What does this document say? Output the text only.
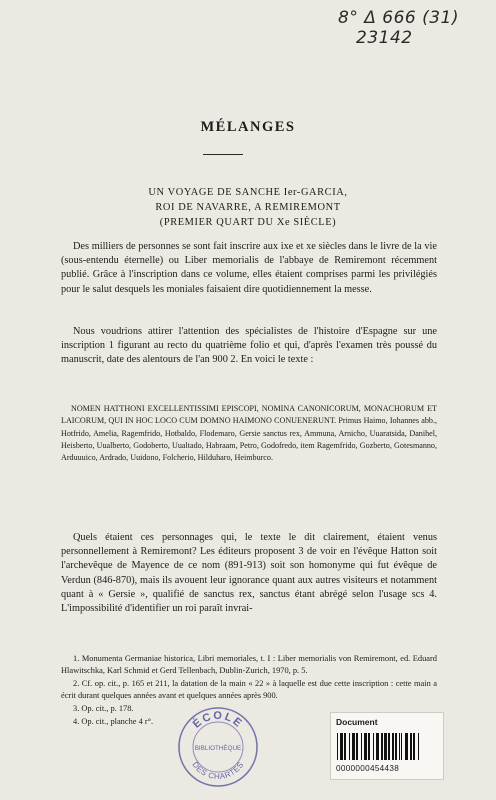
8° Δ 666 (31)
23142
MÉLANGES
UN VOYAGE DE SANCHE Ier-GARCIA,
ROI DE NAVARRE, A REMIREMONT
(PREMIER QUART DU Xe SIÈCLE)

Des milliers de personnes se sont fait inscrire aux ixe et xe siècles dans le livre de la vie (sous-entendu éternelle) ou Liber memorialis de l'abbaye de Remiremont récemment publié. Grâce à l'inscription dans ce volume, elles étaient comprises parmi les privilégiés pour le salut desquels les moniales faisaient dire quotidiennement la messe.

Nous voudrions attirer l'attention des spécialistes de l'histoire d'Espagne sur une inscription 1 figurant au recto du quatrième folio et qui, d'après l'examen très poussé du manuscrit, date des alentours de l'an 900 2. En voici le texte :

NOMEN HATTHONI EXCELLENTISSIMI EPISCOPI, NOMINA CANONICORUM, MONACHORUM ET LAICORUM, QUI IN HOC LOCO CUM DOMNO HAIMONO CONUENERUNT. Primus Haimo, Iohannes abb., Hotfrido, Amelia, Ragemfrido, Hotbaldo, Flodemaro, Gersie sanctus rex, Ammuna, Arnicho, Uuaratsida, Danihel, Heisberto, Uualberto, Godoberto, Uualtado, Habraam, Petro, Godofredo, item Ragemfrido, Gozberto, Gotesmanno, Arduuuico, Ardrado, Uuidono, Folcherio, Hilduharo, Heimburco.

Quels étaient ces personnages qui, le texte le dit clairement, étaient venus personnellement à Remiremont? Les éditeurs proposent 3 de voir en l'évêque Hatton soit l'archevêque de Mayence de ce nom (891-913) soit son homonyme qui fut évêque de Verdun (846-870), mais ils avouent leur ignorance quant aux autres visiteurs et notamment quant à « Gersie », qualifié de sanctus rex, sanctus étant abrégé selon l'usage scs 4. L'impossibilité d'identifier un roi paraît invrai-

1. Monumenta Germaniae historica, Libri memoriales, t. I : Liber memorialis von Remiremont, ed. Eduard Hlawitschka, Karl Schmid et Gerd Tellenbach, Dublin-Zurich, 1970, p. 5.

2. Cf. op. cit., p. 165 et 211, la datation de la main « 22 » à laquelle est due cette inscription : cette main a écrit durant quelques années avant et quelques années après 900.

3. Op. cit., p. 178.

4. Op. cit., planche 4 r°.	ÉCOLE
BIBLIOTHÈQUE
DES CHARTES
Document
0000000454438
